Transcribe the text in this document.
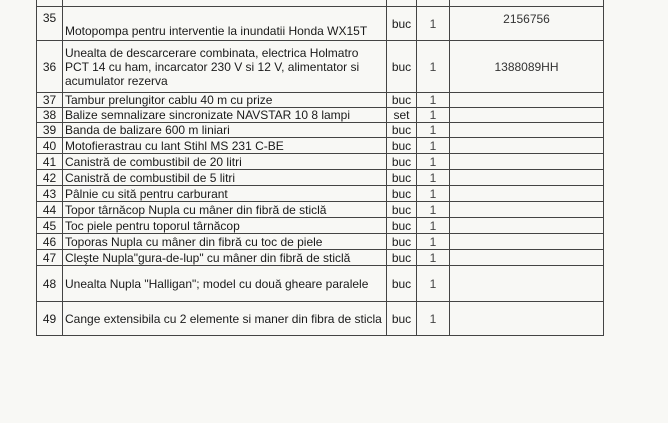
35	Motopompa pentru interventie la inundatii Honda WX15T	buc	1	2156756
36	Unealta de descarcerare combinata, electrica Holmatro PCT 14 cu ham, incarcator 230 V si 12 V, alimentator si acumulator rezerva	buc	1	1388089HH
37	Tambur prelungitor cablu 40 m cu prize	buc	1	
38	Balize semnalizare sincronizate NAVSTAR 10 8 lampi	set	1	
39	Banda de balizare 600 m liniari	buc	1	
40	Motofierastrau cu lant Stihl MS 231 C-BE	buc	1	
41	Canistră de combustibil de 20 litri	buc	1	
42	Canistră de combustibil de 5 litri	buc	1	
43	Pâlnie cu sită pentru carburant	buc	1	
44	Topor târnăcop Nupla cu mâner din fibră de sticlă	buc	1	
45	Toc piele pentru toporul târnăcop	buc	1	
46	Toporas Nupla cu mâner din fibră cu toc de piele	buc	1	
47	Cleşte Nupla"gura-de-lup" cu mâner din fibră de sticlă	buc	1	
48	Unealta Nupla "Halligan"; model cu două gheare paralele	buc	1	
49	Cange extensibila cu 2 elemente si maner din fibra de sticla	buc	1	
